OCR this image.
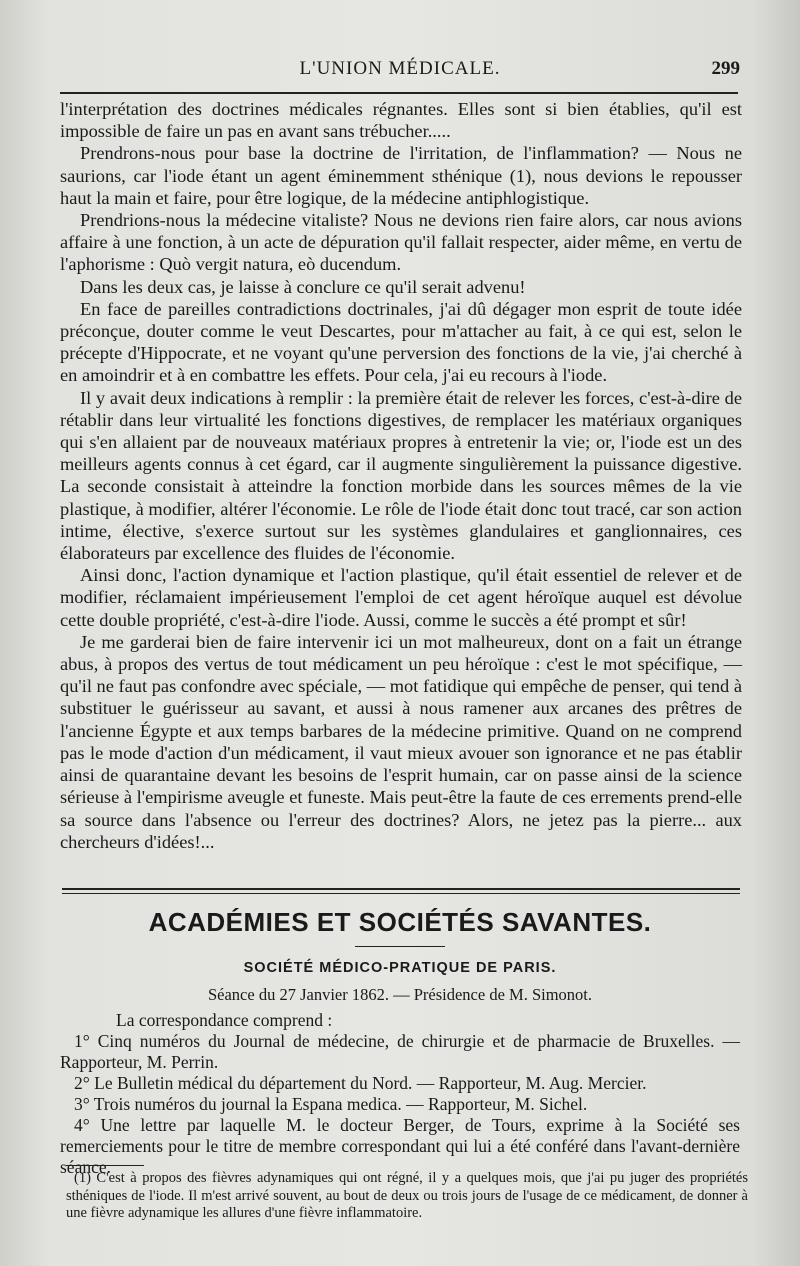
L'UNION MÉDICALE.	299

l'interprétation des doctrines médicales régnantes. Elles sont si bien établies, qu'il est impossible de faire un pas en avant sans trébucher.....

Prendrons-nous pour base la doctrine de l'irritation, de l'inflammation? — Nous ne saurions, car l'iode étant un agent éminemment sthénique (1), nous devions le repousser haut la main et faire, pour être logique, de la médecine antiphlogistique.

Prendrions-nous la médecine vitaliste? Nous ne devions rien faire alors, car nous avions affaire à une fonction, à un acte de dépuration qu'il fallait respecter, aider même, en vertu de l'aphorisme : Quò vergit natura, eò ducendum.

Dans les deux cas, je laisse à conclure ce qu'il serait advenu!

En face de pareilles contradictions doctrinales, j'ai dû dégager mon esprit de toute idée préconçue, douter comme le veut Descartes, pour m'attacher au fait, à ce qui est, selon le précepte d'Hippocrate, et ne voyant qu'une perversion des fonctions de la vie, j'ai cherché à en amoindrir et à en combattre les effets. Pour cela, j'ai eu recours à l'iode.

Il y avait deux indications à remplir : la première était de relever les forces, c'est-à-dire de rétablir dans leur virtualité les fonctions digestives, de remplacer les matériaux organiques qui s'en allaient par de nouveaux matériaux propres à entretenir la vie; or, l'iode est un des meilleurs agents connus à cet égard, car il augmente singulièrement la puissance digestive. La seconde consistait à atteindre la fonction morbide dans les sources mêmes de la vie plastique, à modifier, altérer l'économie. Le rôle de l'iode était donc tout tracé, car son action intime, élective, s'exerce surtout sur les systèmes glandulaires et ganglionnaires, ces élaborateurs par excellence des fluides de l'économie.

Ainsi donc, l'action dynamique et l'action plastique, qu'il était essentiel de relever et de modifier, réclamaient impérieusement l'emploi de cet agent héroïque auquel est dévolue cette double propriété, c'est-à-dire l'iode. Aussi, comme le succès a été prompt et sûr!

Je me garderai bien de faire intervenir ici un mot malheureux, dont on a fait un étrange abus, à propos des vertus de tout médicament un peu héroïque : c'est le mot spécifique, — qu'il ne faut pas confondre avec spéciale, — mot fatidique qui empêche de penser, qui tend à substituer le guérisseur au savant, et aussi à nous ramener aux arcanes des prêtres de l'ancienne Égypte et aux temps barbares de la médecine primitive. Quand on ne comprend pas le mode d'action d'un médicament, il vaut mieux avouer son ignorance et ne pas établir ainsi de quarantaine devant les besoins de l'esprit humain, car on passe ainsi de la science sérieuse à l'empirisme aveugle et funeste. Mais peut-être la faute de ces errements prend-elle sa source dans l'absence ou l'erreur des doctrines? Alors, ne jetez pas la pierre... aux chercheurs d'idées!...

ACADÉMIES ET SOCIÉTÉS SAVANTES.
SOCIÉTÉ MÉDICO-PRATIQUE DE PARIS.
Séance du 27 Janvier 1862. — Présidence de M. Simonot.

La correspondance comprend :

1° Cinq numéros du Journal de médecine, de chirurgie et de pharmacie de Bruxelles. — Rapporteur, M. Perrin.

2° Le Bulletin médical du département du Nord. — Rapporteur, M. Aug. Mercier.

3° Trois numéros du journal la Espana medica. — Rapporteur, M. Sichel.

4° Une lettre par laquelle M. le docteur Berger, de Tours, exprime à la Société ses remerciements pour le titre de membre correspondant qui lui a été conféré dans l'avant-dernière séance.

(1) C'est à propos des fièvres adynamiques qui ont régné, il y a quelques mois, que j'ai pu juger des propriétés sthéniques de l'iode. Il m'est arrivé souvent, au bout de deux ou trois jours de l'usage de ce médicament, de donner à une fièvre adynamique les allures d'une fièvre inflammatoire.
